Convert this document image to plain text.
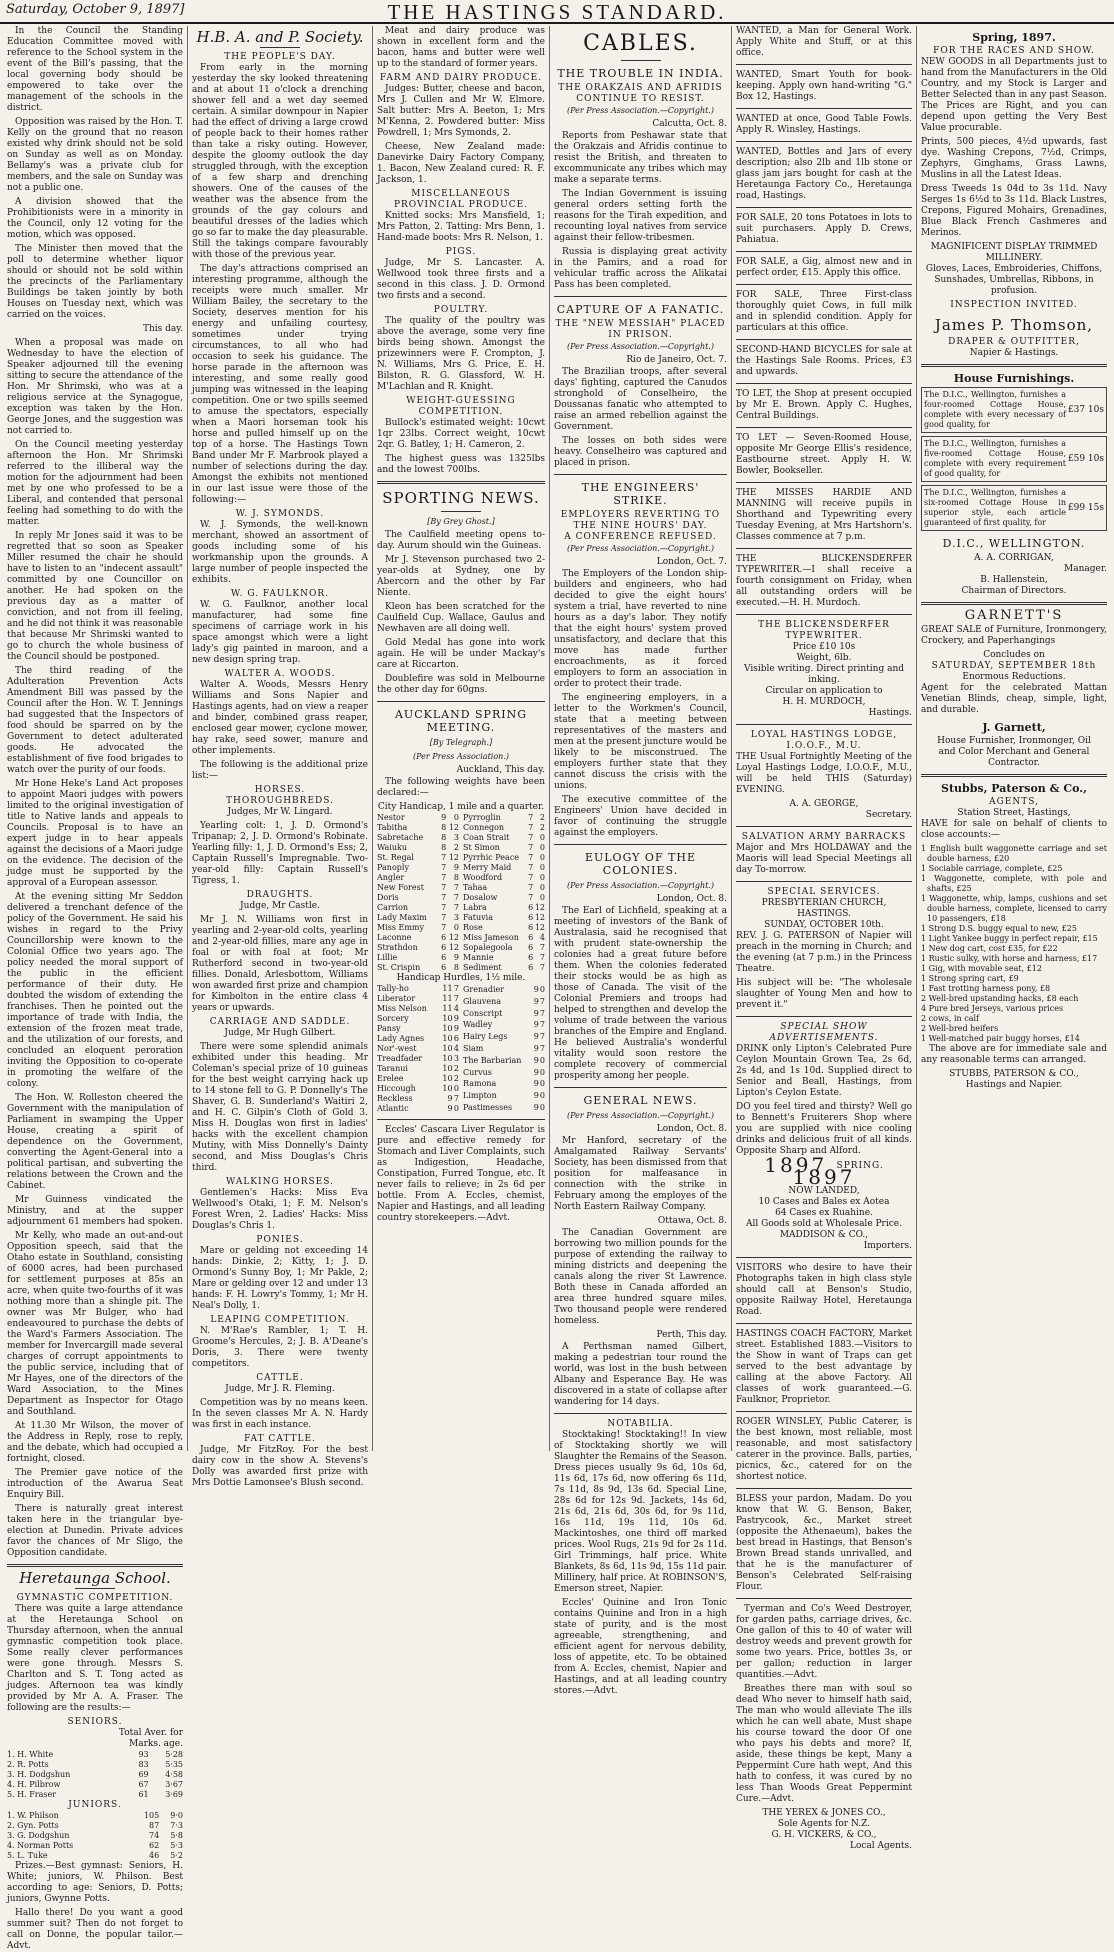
Saturday, October 9, 1897]	THE HASTINGS STANDARD.

In the Council the Standing Education Committee moved with reference to the School system in the event of the Bill's passing, that the local governing body should be empowered to take over the management of the schools in the district.

Opposition was raised by the Hon. T. Kelly on the ground that no reason existed why drink should not be sold on Sunday as well as on Monday. Bellamy's was a private club for members, and the sale on Sunday was not a public one.

A division showed that the Prohibitionists were in a minority in the Council, only 12 voting for the motion, which was opposed.

The Minister then moved that the poll to determine whether liquor should or should not be sold within the precincts of the Parliamentary Buildings be taken jointly by both Houses on Tuesday next, which was carried on the voices.

This day.

When a proposal was made on Wednesday to have the election of Speaker adjourned till the evening sitting to secure the attendance of the Hon. Mr Shrimski, who was at a religious service at the Synagogue, exception was taken by the Hon. George Jones, and the suggestion was not carried to.

On the Council meeting yesterday afternoon the Hon. Mr Shrimski referred to the illiberal way the motion for the adjournment had been met by one who professed to be a Liberal, and contended that personal feeling had something to do with the matter.

In reply Mr Jones said it was to be regretted that so soon as Speaker Miller resumed the chair he should have to listen to an "indecent assault" committed by one Councillor on another. He had spoken on the previous day as a matter of conviction, and not from ill feeling, and he did not think it was reasonable that because Mr Shrimski wanted to go to church the whole business of the Council should be postponed.

The third reading of the Adulteration Prevention Acts Amendment Bill was passed by the Council after the Hon. W. T. Jennings had suggested that the Inspectors of food should be sparred on by the Government to detect adulterated goods. He advocated the establishment of five food brigades to watch over the purity of our foods.

Mr Hone Heke's Land Act proposes to appoint Maori judges with powers limited to the original investigation of title to Native lands and appeals to Councils. Proposal is to have an expert judge in to hear appeals against the decisions of a Maori judge on the evidence. The decision of the judge must be supported by the approval of a European assessor.

At the evening sitting Mr Seddon delivered a trenchant defence of the policy of the Government. He said his wishes in regard to the Privy Councillorship were known to the Colonial Office two years ago. The policy needed the moral support of the public in the efficient performance of their duty. He doubted the wisdom of extending the franchises. Then he pointed out the importance of trade with India, the extension of the frozen meat trade, and the utilization of our forests, and concluded an eloquent peroration inviting the Opposition to co-operate in promoting the welfare of the colony.

The Hon. W. Rolleston cheered the Government with the manipulation of Parliament in swamping the Upper House, creating a spirit of dependence on the Government, converting the Agent-General into a political partisan, and subverting the relations between the Crown and the Cabinet.

Mr Guinness vindicated the Ministry, and at the supper adjournment 61 members had spoken.

Mr Kelly, who made an out-and-out Opposition speech, said that the Otaho estate in Southland, consisting of 6000 acres, had been purchased for settlement purposes at 85s an acre, when quite two-fourths of it was nothing more than a shingle pit. The owner was Mr Bulger, who had endeavoured to purchase the debts of the Ward's Farmers Association. The member for Invercargill made several charges of corrupt appointments to the public service, including that of Mr Hayes, one of the directors of the Ward Association, to the Mines Department as Inspector for Otago and Southland.

At 11.30 Mr Wilson, the mover of the Address in Reply, rose to reply, and the debate, which had occupied a fortnight, closed.

The Premier gave notice of the introduction of the Awarua Seat Enquiry Bill.

There is naturally great interest taken here in the triangular bye-election at Dunedin. Private advices favor the chances of Mr Sligo, the Opposition candidate.

Heretaunga School.
GYMNASTIC COMPETITION.

There was quite a large attendance at the Heretaunga School on Thursday afternoon, when the annual gymnastic competition took place. Some really clever performances were gone through. Messrs S. Charlton and S. T. Tong acted as judges. Afternoon tea was kindly provided by Mr A. A. Fraser. The following are the results:—

SENIORS.
Total Aver. for
Marks. age.
1. H. White	93	5·28
2. R. Potts	83	5·35
3. H. Dodgshun	69	4·58
4. H. Pilbrow	67	3·67
5. H. Fraser	61	3·69
JUNIORS.
1. W. Philson	105	9·0
2. Gyn. Potts	87	7·3
3. G. Dodgshun	74	5·8
4. Norman Potts	62	5·3
5. L. Tuke	46	5·2

Prizes.—Best gymnast: Seniors, H. White; juniors, W. Philson. Best according to age: Seniors, D. Potts; juniors, Gwynne Potts.

Hallo there! Do you want a good summer suit? Then do not forget to call on Donne, the popular tailor.—Advt.

H.B. A. and P. Society.
THE PEOPLE'S DAY.

From early in the morning yesterday the sky looked threatening and at about 11 o'clock a drenching shower fell and a wet day seemed certain. A similar downpour in Napier had the effect of driving a large crowd of people back to their homes rather than take a risky outing. However, despite the gloomy outlook the day struggled through, with the exception of a few sharp and drenching showers. One of the causes of the weather was the absence from the grounds of the gay colours and beautiful dresses of the ladies which go so far to make the day pleasurable. Still the takings compare favourably with those of the previous year.

The day's attractions comprised an interesting programme, although the receipts were much smaller. Mr William Bailey, the secretary to the Society, deserves mention for his energy and unfailing courtesy, sometimes under trying circumstances, to all who had occasion to seek his guidance. The horse parade in the afternoon was interesting, and some really good jumping was witnessed in the leaping competition. One or two spills seemed to amuse the spectators, especially when a Maori horseman took his horse and pulled himself up on the top of a horse. The Hastings Town Band under Mr F. Marbrook played a number of selections during the day. Amongst the exhibits not mentioned in our last issue were those of the following:—

W. J. SYMONDS.

W. J. Symonds, the well-known merchant, showed an assortment of goods including some of his workmanship upon the grounds. A large number of people inspected the exhibits.

W. G. FAULKNOR.

W. G. Faulknor, another local manufacturer, had some fine specimens of carriage work in his space amongst which were a light lady's gig painted in maroon, and a new design spring trap.

WALTER A. WOODS.

Walter A. Woods, Messrs Henry Williams and Sons Napier and Hastings agents, had on view a reaper and binder, combined grass reaper, enclosed gear mower, cyclone mower, hay rake, seed sower, manure and other implements.

The following is the additional prize list:—

HORSES.
THOROUGHBREDS.

Judges, Mr W. Lingard.

Yearling colt: 1, J. D. Ormond's Tripanap; 2, J. D. Ormond's Robinate. Yearling filly: 1, J. D. Ormond's Ess; 2, Captain Russell's Impregnable. Two-year-old filly: Captain Russell's Tigress, 1.

DRAUGHTS.

Judge, Mr Castle.

Mr J. N. Williams won first in yearling and 2-year-old colts, yearling and 2-year-old fillies, mare any age in foal or with foal at foot; Mr Rutherford second in two-year-old fillies. Donald, Arlesbottom, Williams won awarded first prize and champion for Kimbolton in the entire class 4 years or upwards.

CARRIAGE AND SADDLE.

Judge, Mr Hugh Gilbert.

There were some splendid animals exhibited under this heading. Mr Coleman's special prize of 10 guineas for the best weight carrying hack up to 14 stone fell to G. P. Donnelly's The Shaver, G. B. Sunderland's Waitiri 2, and H. C. Gilpin's Cloth of Gold 3. Miss H. Douglas won first in ladies' hacks with the excellent champion Mutiny, with Miss Donnelly's Dainty second, and Miss Douglas's Chris third.

WALKING HORSES.

Gentlemen's Hacks: Miss Eva Wellwood's Otaki, 1; F. M. Nelson's Forest Wren, 2. Ladies' Hacks: Miss Douglas's Chris 1.

PONIES.

Mare or gelding not exceeding 14 hands: Dinkie, 2; Kitty, 1; J. D. Ormond's Sunny Boy, 1; Mr Pakle, 2; Mare or gelding over 12 and under 13 hands: F. H. Lowry's Tommy, 1; Mr H. Neal's Dolly, 1.

LEAPING COMPETITION.

N. M'Rae's Rambler, 1; T. H. Groome's Hercules, 2; J. B. A'Deane's Doris, 3. There were twenty competitors.

CATTLE.

Judge, Mr J. R. Fleming.

Competition was by no means keen. In the seven classes Mr A. N. Hardy was first in each instance.

FAT CATTLE.

Judge, Mr FitzRoy. For the best dairy cow in the show A. Stevens's Dolly was awarded first prize with Mrs Dottie Lamonsee's Blush second.

Meat and dairy produce was shown in excellent form and the bacon, hams and butter were well up to the standard of former years.

FARM AND DAIRY PRODUCE.

Judges: Butter, cheese and bacon, Mrs J. Cullen and Mr W. Elmore. Salt butter: Mrs A. Beeton, 1; Mrs M'Kenna, 2. Powdered butter: Miss Powdrell, 1; Mrs Symonds, 2.

Cheese, New Zealand made: Danevirke Dairy Factory Company, 1. Bacon, New Zealand cured: R. F. Jackson, 1.

MISCELLANEOUS PROVINCIAL PRODUCE.

Knitted socks: Mrs Mansfield, 1; Mrs Patton, 2. Tatting: Mrs Benn, 1. Hand-made boots: Mrs R. Nelson, 1.

PIGS.

Judge, Mr S. Lancaster. A. Wellwood took three firsts and a second in this class. J. D. Ormond two firsts and a second.

POULTRY.

The quality of the poultry was above the average, some very fine birds being shown. Amongst the prizewinners were F. Crompton, J. N. Williams, Mrs G. Price, E. H. Bilston, R. G. Glassford, W. H. M'Lachlan and R. Knight.

WEIGHT-GUESSING COMPETITION.

Bullock's estimated weight: 10cwt 1qr 23lbs. Correct weight, 10cwt 2qr. G. Batley, 1; H. Cameron, 2.

The highest guess was 1325lbs and the lowest 700lbs.

SPORTING NEWS.
[By Grey Ghost.]

The Caulfield meeting opens to-day. Aurum should win the Guineas.

Mr J. Stevenson purchased two 2-year-olds at Sydney, one by Abercorn and the other by Far Niente.

Kleon has been scratched for the Caulfield Cup. Wallace, Gaulus and Newhaven are all doing well.

Gold Medal has gone into work again. He will be under Mackay's care at Riccarton.

Doublefire was sold in Melbourne the other day for 60gns.

AUCKLAND SPRING MEETING.
[By Telegraph.]
(Per Press Association.)
Auckland, This day.

The following weights have been declared:—

City Handicap, 1 mile and a quarter.
Nestor	9	0
Tabitha	8	12
Sabretache	8	3
Waiuku	8	2
St. Regal	7	12
Panoply	7	9
Angler	7	8
New Forest	7	7
Doris	7	7
Carrion	7	7
Lady Maxim	7	3
Miss Emmy	7	0
Laconne	6	12
Strathdon	6	12
Lillie	6	9
St. Crispin	6	8
Pyrroglin	7	2
Connegon	7	2
Coan Strait	7	0
St Simon	7	0
Pyrrhic Peace	7	0
Merry Maid	7	0
Woodford	7	0
Tahaa	7	0
Dosalow	7	0
Labra	6	12
Fatuvia	6	12
Rose	6	12
Miss Jameson	6	4
Sopalegoola	6	7
Mannie	6	7
Sediment	6	7
Handicap Hurdles, 1½ mile.
Tally-ho	11	7
Liberator	11	7
Miss Nelson	11	4
Sorcery	10	9
Pansy	10	9
Lady Agnes	10	6
Nor'-west	10	4
Treadfader	10	3
Taranui	10	2
Erelee	10	2
Hiccough	10	0
Reckless	9	7
Atlantic	9	0
Grenadier	9	0
Glauvena	9	7
Conscript	9	7
Wadley	9	7
Hairy Legs	9	7
Siam	9	7
The Barbarian	9	0
Curvus	9	0
Ramona	9	0
Limpton	9	0
Pastimesses	9	0

Eccles' Cascara Liver Regulator is pure and effective remedy for Stomach and Liver Complaints, such as Indigestion, Headache, Constipation, Furred Tongue, etc. It never fails to relieve; in 2s 6d per bottle. From A. Eccles, chemist, Napier and Hastings, and all leading country storekeepers.—Advt.

CABLES.
THE TROUBLE IN INDIA.
THE ORAKZAIS AND AFRIDIS CONTINUE TO RESIST.
(Per Press Association.—Copyright.)
Calcutta, Oct. 8.

Reports from Peshawar state that the Orakzais and Afridis continue to resist the British, and threaten to excommunicate any tribes which may make a separate terms.

The Indian Government is issuing general orders setting forth the reasons for the Tirah expedition, and recounting loyal natives from service against their fellow-tribesmen.

Russia is displaying great activity in the Pamirs, and a road for vehicular traffic across the Alikatai Pass has been completed.

CAPTURE OF A FANATIC.
THE "NEW MESSIAH" PLACED IN PRISON.
(Per Press Association.—Copyright.)
Rio de Janeiro, Oct. 7.

The Brazilian troops, after several days' fighting, captured the Canudos stronghold of Conselheiro, the Doussanas fanatic who attempted to raise an armed rebellion against the Government.

The losses on both sides were heavy. Conselheiro was captured and placed in prison.

THE ENGINEERS' STRIKE.
EMPLOYERS REVERTING TO THE NINE HOURS' DAY.
A CONFERENCE REFUSED.
(Per Press Association.—Copyright.)
London, Oct. 7.

The Employers of the London ship-builders and engineers, who had decided to give the eight hours' system a trial, have reverted to nine hours as a day's labor. They notify that the eight hours' system proved unsatisfactory, and declare that this move has made further encroachments, as it forced employers to form an association in order to protect their trade.

The engineering employers, in a letter to the Workmen's Council, state that a meeting between representatives of the masters and men at the present juncture would be likely to be misconstrued. The employers further state that they cannot discuss the crisis with the unions.

The executive committee of the Engineers' Union have decided in favor of continuing the struggle against the employers.

EULOGY OF THE COLONIES.
(Per Press Association.—Copyright.)
London, Oct. 8.

The Earl of Lichfield, speaking at a meeting of investors of the Bank of Australasia, said he recognised that with prudent state-ownership the colonies had a great future before them. When the colonies federated their stocks would be as high as those of Canada. The visit of the Colonial Premiers and troops had helped to strengthen and develop the volume of trade between the various branches of the Empire and England. He believed Australia's wonderful vitality would soon restore the complete recovery of commercial prosperity among her people.

GENERAL NEWS.
(Per Press Association.—Copyright.)
London, Oct. 8.

Mr Hanford, secretary of the Amalgamated Railway Servants' Society, has been dismissed from that position for malfeasance in connection with the strike in February among the employes of the North Eastern Railway Company.

Ottawa, Oct. 8.

The Canadian Government are borrowing two million pounds for the purpose of extending the railway to mining districts and deepening the canals along the river St Lawrence. Both these in Canada afforded an area three hundred square miles. Two thousand people were rendered homeless.

Perth, This day.

A Perthsman named Gilbert, making a pedestrian tour round the world, was lost in the bush between Albany and Esperance Bay. He was discovered in a state of collapse after wandering for 14 days.

NOTABILIA.

Stocktaking! Stocktaking!! In view of Stocktaking shortly we will Slaughter the Remains of the Season. Dress pieces usually 9s 6d, 10s 6d, 11s 6d, 17s 6d, now offering 6s 11d, 7s 11d, 8s 9d, 13s 6d. Special Line, 28s 6d for 12s 9d. Jackets, 14s 6d, 21s 6d, 21s 6d, 30s 6d, for 9s 11d, 16s 11d, 19s 11d, 10s 6d. Mackintoshes, one third off marked prices. Wool Rugs, 21s 9d for 2s 11d. Girl Trimmings, half price. White Blankets, 8s 6d, 11s 9d, 15s 11d pair. Millinery, half price. At ROBINSON'S, Emerson street, Napier.

Eccles' Quinine and Iron Tonic contains Quinine and Iron in a high state of purity, and is the most agreeable, strengthening, and efficient agent for nervous debility, loss of appetite, etc. To be obtained from A. Eccles, chemist, Napier and Hastings, and at all leading country stores.—Advt.

WANTED, a Man for General Work. Apply White and Stuff, or at this office.

WANTED, Smart Youth for book-keeping. Apply own hand-writing "G." Box 12, Hastings.

WANTED at once, Good Table Fowls. Apply R. Winsley, Hastings.

WANTED, Bottles and Jars of every description; also 2lb and 1lb stone or glass jam jars bought for cash at the Heretaunga Factory Co., Heretaunga road, Hastings.

FOR SALE, 20 tons Potatoes in lots to suit purchasers. Apply D. Crews, Pahiatua.

FOR SALE, a Gig, almost new and in perfect order, £15. Apply this office.

FOR SALE, Three First-class thoroughly quiet Cows, in full milk and in splendid condition. Apply for particulars at this office.

SECOND-HAND BICYCLES for sale at the Hastings Sale Rooms. Prices, £3 and upwards.

TO LET, the Shop at present occupied by Mr E. Brown. Apply C. Hughes, Central Buildings.

TO LET — Seven-Roomed House, opposite Mr George Ellis's residence, Eastbourne street. Apply H. W. Bowler, Bookseller.

THE MISSES HARDIE AND MANNING will receive pupils in Shorthand and Typewriting every Tuesday Evening, at Mrs Hartshorn's. Classes commence at 7 p.m.

THE BLICKENSDERFER TYPEWRITER.—I shall receive a fourth consignment on Friday, when all outstanding orders will be executed.—H. H. Murdoch.

THE BLICKENSDERFER TYPEWRITER.
Price £10 10s
Weight, 6lb.
Visible writing. Direct printing and inking.
Circular on application to
H. H. MURDOCH,
Hastings.
LOYAL HASTINGS LODGE, I.O.O.F., M.U.

THE Usual Fortnightly Meeting of the Loyal Hastings Lodge, I.O.O.F., M.U., will be held THIS (Saturday) EVENING.

A. A. GEORGE,
Secretary.
SALVATION ARMY BARRACKS

Major and Mrs HOLDAWAY and the Maoris will lead Special Meetings all day To-morrow.

SPECIAL SERVICES.
PRESBYTERIAN CHURCH, HASTINGS.
SUNDAY, OCTOBER 10th.

REV. J. G. PATERSON of Napier will preach in the morning in Church; and the evening (at 7 p.m.) in the Princess Theatre.

His subject will be: "The wholesale slaughter of Young Men and how to prevent it."

SPECIAL SHOW ADVERTISEMENTS.

DRINK only Lipton's Celebrated Pure Ceylon Mountain Grown Tea, 2s 6d, 2s 4d, and 1s 10d. Supplied direct to Senior and Beall, Hastings, from Lipton's Ceylon Estate.

DO you feel tired and thirsty? Well go to Bennett's Fruiterers Shop where you are supplied with nice cooling drinks and delicious fruit of all kinds. Opposite Sharp and Alford.

1897 SPRING. 1897
NOW LANDED,
10 Cases and Bales ex Aotea
64 Cases ex Ruahine.
All Goods sold at Wholesale Price.
MADDISON & CO.,
Importers.

VISITORS who desire to have their Photographs taken in high class style should call at Benson's Studio, opposite Railway Hotel, Heretaunga Road.

HASTINGS COACH FACTORY, Market street. Established 1883.—Visitors to the Show in want of Traps can get served to the best advantage by calling at the above Factory. All classes of work guaranteed.—G. Faulknor, Proprietor.

ROGER WINSLEY, Public Caterer, is the best known, most reliable, most reasonable, and most satisfactory caterer in the province. Balls, parties, picnics, &c., catered for on the shortest notice.

BLESS your pardon, Madam. Do you know that W. G. Benson, Baker, Pastrycook, &c., Market street (opposite the Athenaeum), bakes the best bread in Hastings, that Benson's Brown Bread stands unrivalled, and that he is the manufacturer of Benson's Celebrated Self-raising Flour.

Tyerman and Co's Weed Destroyer, for garden paths, carriage drives, &c. One gallon of this to 40 of water will destroy weeds and prevent growth for some two years. Price, bottles 3s, or per gallon; reduction in larger quantities.—Advt.

Breathes there man with soul so dead Who never to himself hath said, The man who would alleviate The ills which he can well abate, Must shape his course toward the door Of one who pays his debts and more? If, aside, these things be kept, Many a Peppermint Cure hath wept, And this hath to confess, it was cured by no less Than Woods Great Peppermint Cure.—Advt.

THE YEREX & JONES CO.,
Sole Agents for N.Z.
G. H. VICKERS, & CO.,
Local Agents.
Spring, 1897.
FOR THE RACES AND SHOW.

NEW GOODS in all Departments just to hand from the Manufacturers in the Old Country, and my Stock is Larger and Better Selected than in any past Season. The Prices are Right, and you can depend upon getting the Very Best Value procurable.

Prints, 500 pieces, 4½d upwards, fast dye. Washing Crepons, 7½d, Crimps, Zephyrs, Ginghams, Grass Lawns, Muslins in all the Latest Ideas.

Dress Tweeds 1s 04d to 3s 11d. Navy Serges 1s 6½d to 3s 11d. Black Lustres, Crepons, Figured Mohairs, Grenadines, Blue Black French Cashmeres and Merinos.

MAGNIFICENT DISPLAY TRIMMED MILLINERY.

Gloves, Laces, Embroideries, Chiffons, Sunshades, Umbrellas, Ribbons, in profusion.

INSPECTION INVITED.
James P. Thomson,
DRAPER & OUTFITTER,
Napier & Hastings.
House Furnishings.
The D.I.C., Wellington, furnishes a four-roomed Cottage House, complete with every necessary of good quality, for
£37 10s
The D.I.C., Wellington, furnishes a five-roomed Cottage House, complete with every requirement of good quality, for
£59 10s
The D.I.C., Wellington, furnishes a six-roomed Cottage House in superior style, each article guaranteed of first quality, for
£99 15s
D.I.C., WELLINGTON.
A. A. CORRIGAN,
Manager.
B. Hallenstein,
Chairman of Directors.
GARNETT'S

GREAT SALE of Furniture, Ironmongery, Crockery, and Paperhangings

Concludes on
SATURDAY, SEPTEMBER 18th
Enormous Reductions.

Agent for the celebrated Mattan Venetian Blinds, cheap, simple, light, and durable.

J. Garnett,
House Furnisher, Ironmonger, Oil
and Color Merchant and General
Contractor.
Stubbs, Paterson & Co.,
AGENTS,
Station Street, Hastings,

HAVE for sale on behalf of clients to close accounts:—

1 English built waggonette carriage and set double harness, £20
1 Sociable carriage, complete, £25
1 Waggonette, complete, with pole and shafts, £25
1 Waggonette, whip, lamps, cushions and set double harness, complete, licensed to carry 10 passengers, £18
1 Strong D.S. buggy equal to new, £25
1 Light Yankee buggy in perfect repair, £15
1 New dog cart, cost £35, for £22
1 Rustic sulky, with horse and harness, £17
1 Gig, with movable seat, £12
1 Strong spring cart, £9
1 Fast trotting harness pony, £8
2 Well-bred upstanding hacks, £8 each
4 Pure bred Jerseys, various prices
2 cows, in calf
2 Well-bred heifers
1 Well-matched pair buggy horses, £14

The above are for immediate sale and any reasonable terms can arranged.

STUBBS, PATERSON & CO.,
Hastings and Napier.
